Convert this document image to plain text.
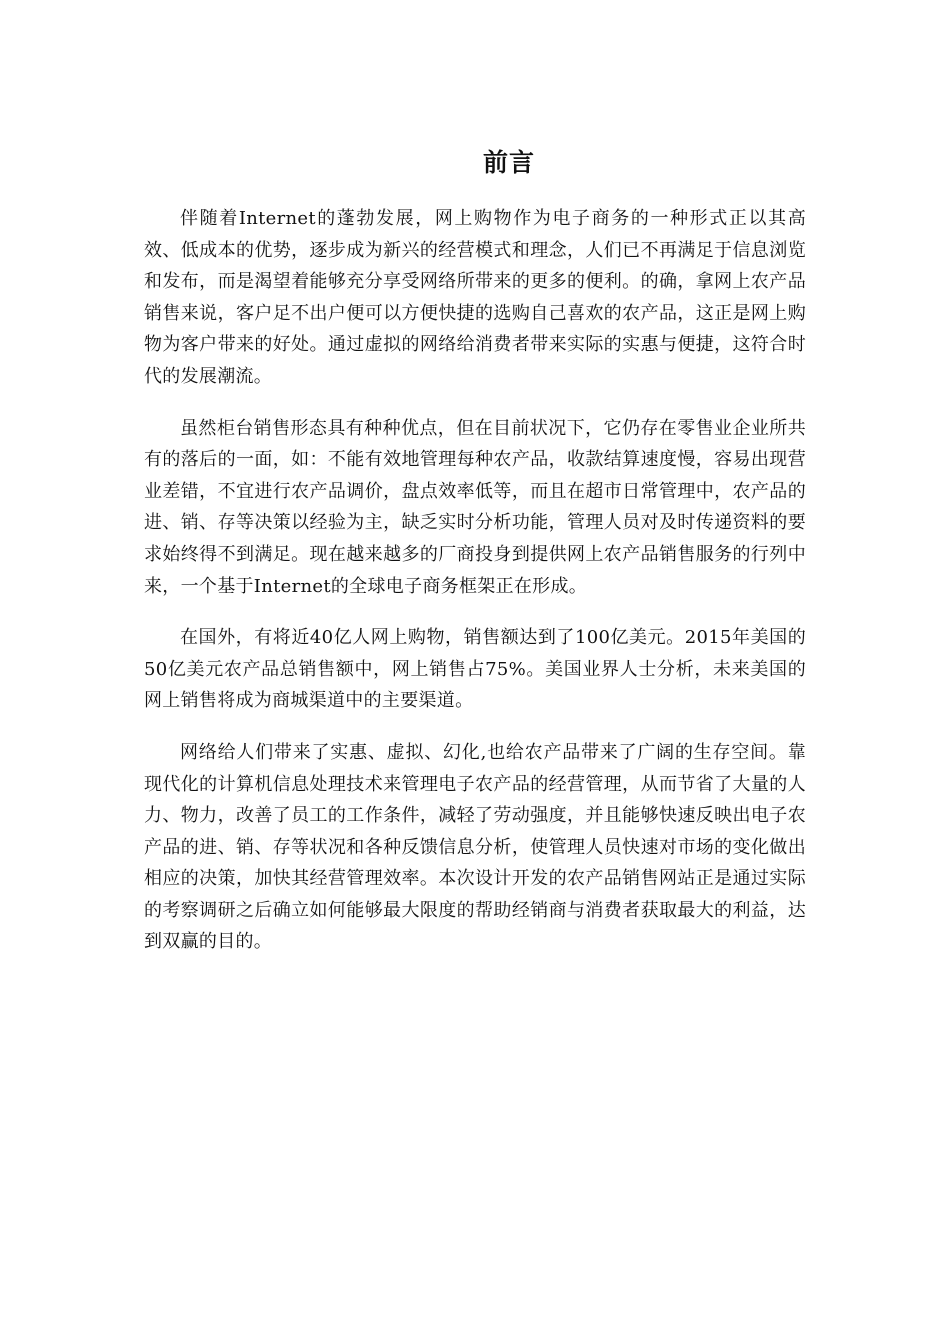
前言

伴随着Internet的蓬勃发展，网上购物作为电子商务的一种形式正以其高效、低成本的优势，逐步成为新兴的经营模式和理念，人们已不再满足于信息浏览和发布，而是渴望着能够充分享受网络所带来的更多的便利。的确，拿网上农产品销售来说，客户足不出户便可以方便快捷的选购自己喜欢的农产品，这正是网上购物为客户带来的好处。通过虚拟的网络给消费者带来实际的实惠与便捷，这符合时代的发展潮流。

虽然柜台销售形态具有种种优点，但在目前状况下，它仍存在零售业企业所共有的落后的一面，如：不能有效地管理每种农产品，收款结算速度慢，容易出现营业差错，不宜进行农产品调价，盘点效率低等，而且在超市日常管理中，农产品的进、销、存等决策以经验为主，缺乏实时分析功能，管理人员对及时传递资料的要求始终得不到满足。现在越来越多的厂商投身到提供网上农产品销售服务的行列中来，一个基于Internet的全球电子商务框架正在形成。

在国外，有将近40亿人网上购物，销售额达到了100亿美元。2015年美国的50亿美元农产品总销售额中，网上销售占75%。美国业界人士分析，未来美国的网上销售将成为商城渠道中的主要渠道。

网络给人们带来了实惠、虚拟、幻化,也给农产品带来了广阔的生存空间。靠现代化的计算机信息处理技术来管理电子农产品的经营管理，从而节省了大量的人力、物力，改善了员工的工作条件，减轻了劳动强度，并且能够快速反映出电子农产品的进、销、存等状况和各种反馈信息分析，使管理人员快速对市场的变化做出相应的决策，加快其经营管理效率。本次设计开发的农产品销售网站正是通过实际的考察调研之后确立如何能够最大限度的帮助经销商与消费者获取最大的利益，达到双赢的目的。
